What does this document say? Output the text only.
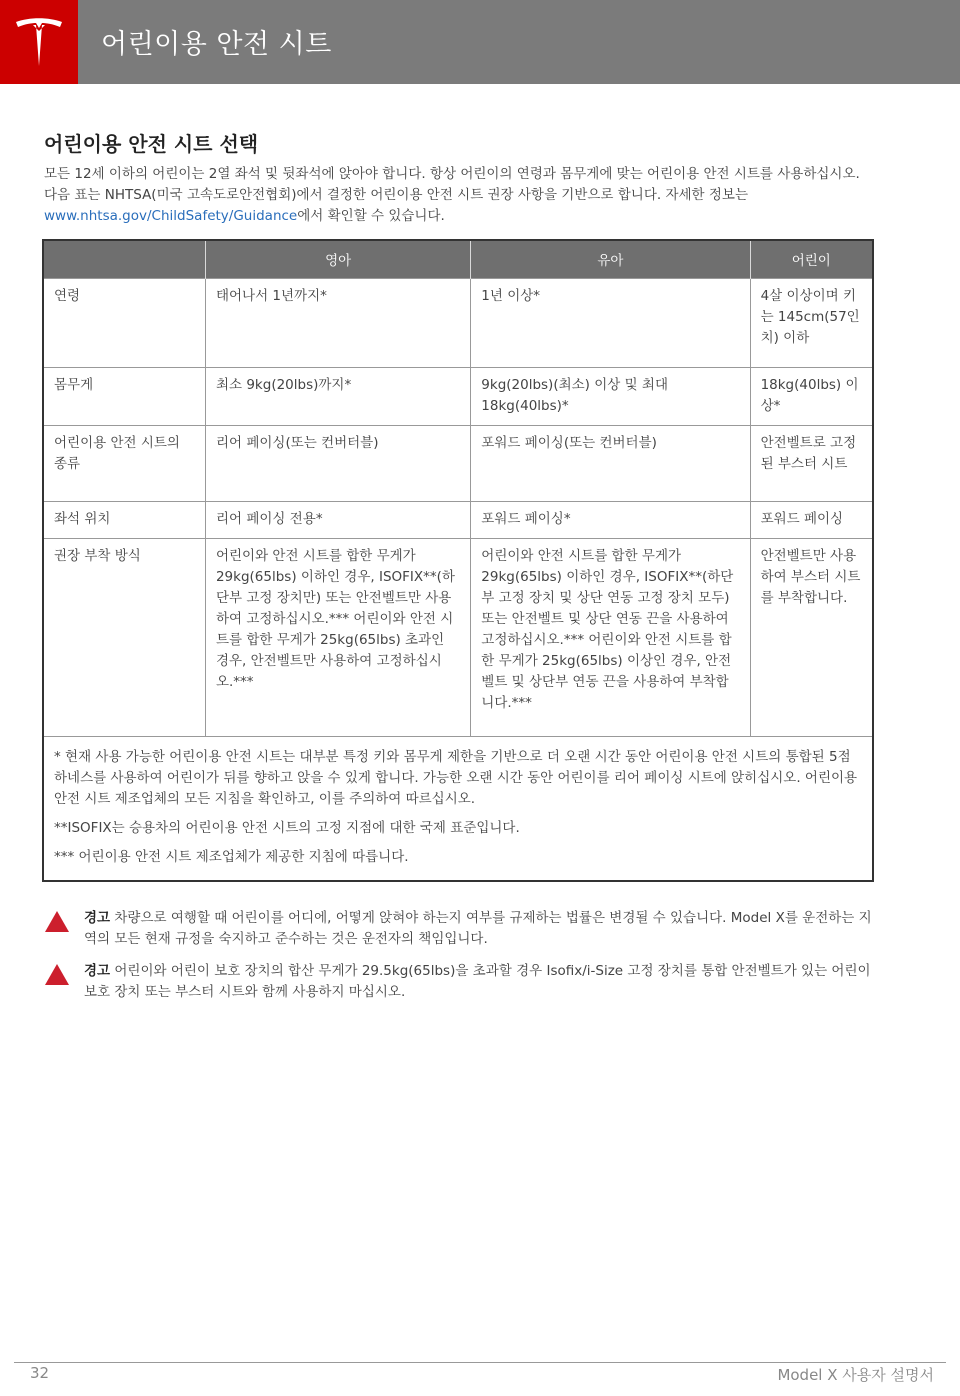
어린이용 안전 시트
어린이용 안전 시트 선택
모든 12세 이하의 어린이는 2열 좌석 및 뒷좌석에 앉아야 합니다. 항상 어린이의 연령과 몸무게에 맞는 어린이용 안전 시트를 사용하십시오. 다음 표는 NHTSA(미국 고속도로안전협회)에서 결정한 어린이용 안전 시트 권장 사항을 기반으로 합니다. 자세한 정보는 www.nhtsa.gov/ChildSafety/Guidance에서 확인할 수 있습니다.
	영아	유아	어린이
연령	태어나서 1년까지*	1년 이상*	4살 이상이며 키는 145cm(57인치) 이하
몸무게	최소 9kg(20lbs)까지*	9kg(20lbs)(최소) 이상 및 최대 18kg(40lbs)*	18kg(40lbs) 이상*
어린이용 안전 시트의 종류	리어 페이싱(또는 컨버터블)	포워드 페이싱(또는 컨버터블)	안전벨트로 고정된 부스터 시트
좌석 위치	리어 페이싱 전용*	포워드 페이싱*	포워드 페이싱
권장 부착 방식	어린이와 안전 시트를 합한 무게가 29kg(65lbs) 이하인 경우, ISOFIX**(하단부 고정 장치만) 또는 안전벨트만 사용하여 고정하십시오.*** 어린이와 안전 시트를 합한 무게가 25kg(65lbs) 초과인 경우, 안전벨트만 사용하여 고정하십시오.***	어린이와 안전 시트를 합한 무게가 29kg(65lbs) 이하인 경우, ISOFIX**(하단부 고정 장치 및 상단 연동 고정 장치 모두) 또는 안전벨트 및 상단 연동 끈을 사용하여 고정하십시오.*** 어린이와 안전 시트를 합한 무게가 25kg(65lbs) 이상인 경우, 안전벨트 및 상단부 연동 끈을 사용하여 부착합니다.***	안전벨트만 사용하여 부스터 시트를 부착합니다.

* 현재 사용 가능한 어린이용 안전 시트는 대부분 특정 키와 몸무게 제한을 기반으로 더 오랜 시간 동안 어린이용 안전 시트의 통합된 5점 하네스를 사용하여 어린이가 뒤를 향하고 앉을 수 있게 합니다. 가능한 오랜 시간 동안 어린이를 리어 페이싱 시트에 앉히십시오. 어린이용 안전 시트 제조업체의 모든 지침을 확인하고, 이를 주의하여 따르십시오.

**ISOFIX는 승용차의 어린이용 안전 시트의 고정 지점에 대한 국제 표준입니다.

*** 어린이용 안전 시트 제조업체가 제공한 지침에 따릅니다.			

경고 차량으로 여행할 때 어린이를 어디에, 어떻게 앉혀야 하는지 여부를 규제하는 법률은 변경될 수 있습니다. Model X를 운전하는 지역의 모든 현재 규정을 숙지하고 준수하는 것은 운전자의 책임입니다.
경고 어린이와 어린이 보호 장치의 합산 무게가 29.5kg(65lbs)을 초과할 경우 Isofix/i-Size 고정 장치를 통합 안전벨트가 있는 어린이 보호 장치 또는 부스터 시트와 함께 사용하지 마십시오.
32	Model X 사용자 설명서
